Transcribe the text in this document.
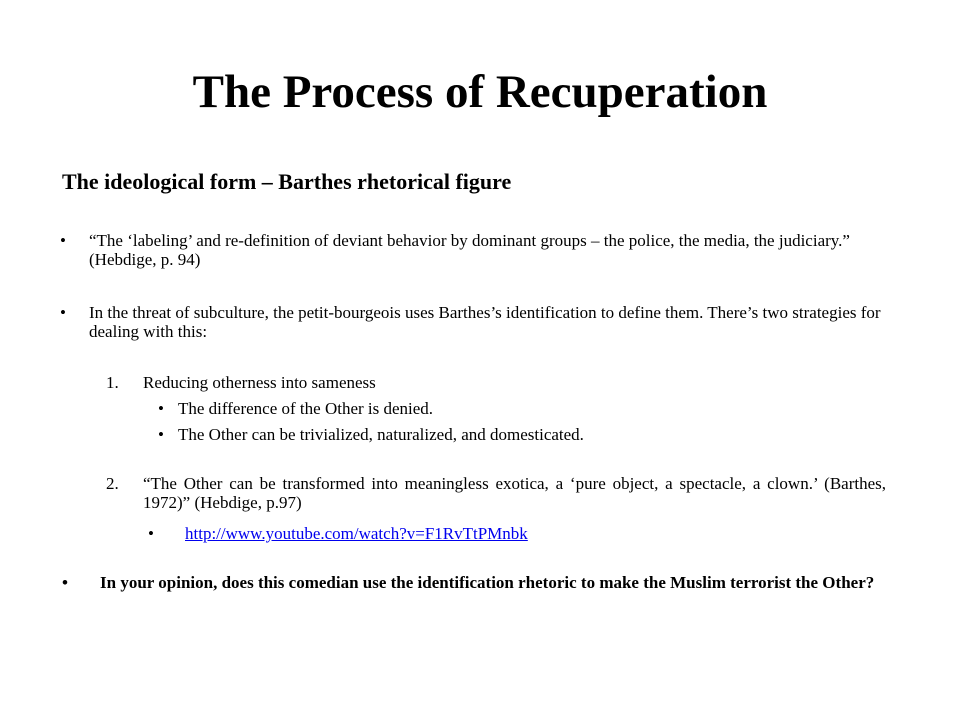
The Process of Recuperation
The ideological form – Barthes rhetorical figure
• “The ‘labeling’ and re-definition of deviant behavior by dominant groups – the police, the media, the judiciary.” (Hebdige, p. 94)
• In the threat of subculture, the petit-bourgeois uses Barthes’s identification to define them. There’s two strategies for dealing with this:
1. Reducing otherness into sameness
• The difference of the Other is denied.
• The Other can be trivialized, naturalized, and domesticated.
2. “The Other can be transformed into meaningless exotica, a ‘pure object, a spectacle, a clown.’ (Barthes, 1972)” (Hebdige, p.97)
• http://www.youtube.com/watch?v=F1RvTtPMnbk
• In your opinion, does this comedian use the identification rhetoric to make the Muslim terrorist the Other?
